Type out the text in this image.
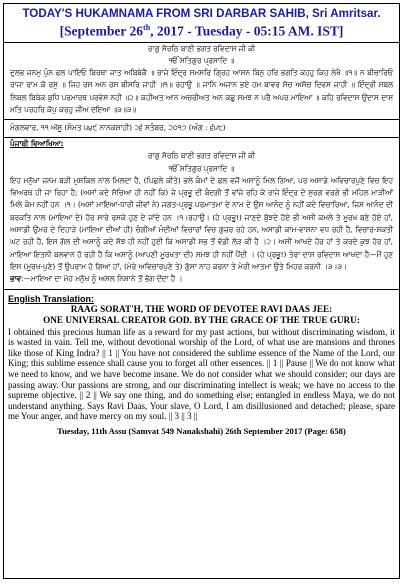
TODAY'S HUKAMNAMA FROM SRI DARBAR SAHIB, Sri Amritsar.
[September 26th, 2017 - Tuesday - 05:15 AM. IST]
ਰਾਗੁ ਸੋਰਠਿ ਬਾਣੀ ਭਗਤ ਰਵਿਦਾਸ ਜੀ ਕੀ
ੴ ਸਤਿਗੁਰ ਪ੍ਰਸਾਦਿ ॥
ਦੁਲਭ ਜਨਮੁ ਪੁੰਨ ਫਲ ਪਾਇਓ ਬਿਰਥਾ ਜਾਤ ਅਬਿਬੇਕੈ ॥ ਰਾਜੇ ਇੰਦ੍ਰ ਸਮਸਰਿ ਗ੍ਰਿਹ ਆਸਨ ਬਿਨੁ ਹਰਿ ਭਗਤਿ ਕਹਹੁ ਕਿਹ ਲੇਖੈ ॥੧॥ ਨ ਬੀਚਾਰਿਓ ਰਾਜਾ ਰਾਮ ਕੋ ਰਸੁ ॥ ਜਿਹ ਰਸ ਅਨ ਰਸ ਬੀਸਰਿ ਜਾਹੀ ॥੧॥ ਰਹਾਉ ॥ ਜਾਨਿ ਅਜਾਨ ਭਏ ਹਮ ਬਾਵਰ ਸੋਚ ਅਸੋਚ ਦਿਵਸ ਜਾਹੀ ॥ ਇੰਦ੍ਰੀ ਸਬਲ ਨਿਬਲ ਬਿਬੇਕ ਬੁਧਿ ਪਰਮਾਰਥ ਪਰਵੇਸ ਨਹੀ ॥੨॥ ਕਹੀਅਤ ਆਨ ਅਚਰੀਅਤ ਅਨ ਕਛੁ ਸਮਝ ਨ ਪਰੈ ਅਪਰ ਮਾਇਆ ॥ ਕਹਿ ਰਵਿਦਾਸ ਉਦਾਸ ਦਾਸ ਮਤਿ ਪਰਹਰਿ ਕੋਪੁ ਕਰਹੁ ਜੀਅ ਦਇਆ ॥੩॥੩॥
ਮੰਗਲਵਾਰ, ੧੧ ਅੱਸੂ (ਸੰਮਤ ੫੪੯ ਨਾਨਕਸ਼ਾਹੀ) ੨੬ ਸਤੰਬਰ, ੨੦੧੭ (ਅੰਗ : ੬੫੮)
ਪੰਜਾਬੀ ਵਿਆਖਿਆ:
ਰਾਗੁ ਸੋਰਠਿ ਬਾਣੀ ਭਗਤ ਰਵਿਦਾਸ ਜੀ ਕੀ
ੴ ਸਤਿਗੁਰ ਪ੍ਰਸਾਦਿ ॥
ਇਹ ਮਨੁੱਖਾ ਜਨਮ ਬੜੀ ਮੁਸ਼ਕਿਲ ਨਾਲ ਮਿਲਦਾ ਹੈ, (ਪਿਛਲੇ ਕੀਤੇ) ਭਲੇ ਕੰਮਾਂ ਦੇ ਫਲ ਵਜੋਂ ਅਸਾਨੂੰ ਮਿਲ ਗਿਆ, ਪਰ ਅਸਾਡੇ ਅਵਿਚਾਰਪੁਣੇ ਵਿਚ ਇਹ ਵਿਅਰਥ ਹੀ ਜਾ ਰਿਹਾ ਹੈ; (ਅਸਾਂ ਕਦੇ ਸੋਚਿਆ ਹੀ ਨਹੀਂ ਕਿ) ਜੇ ਪ੍ਰਭੂ ਦੀ ਬੰਦਗੀ ਤੋਂ ਵਾਂਜੇ ਰਹਿ ਕੇ ਰਾਜੇ ਇੰਦ੍ਰ ਦੇ ਸੁਰਗ ਵਰਗੇ ਭੀ ਮਹਿਲ ਮਾੜੀਆਂ ਮਿਲੇ ਕੰਮ ਨਹੀਂ ਹਨ ।੧। (ਅਸਾਂ ਮਾਇਆ-ਧਾਰੀ ਜੀਵਾਂ ਨੇ) ਜਗਤ-ਪ੍ਰਭੂ ਪਰਮਾਤਮਾ ਦੇ ਨਾਮ ਦੇ ਉਸ ਆਨੰਦ ਨੂੰ ਨਹੀਂ ਕਦੇ ਵਿਚਾਰਿਆ, ਜਿਸ ਆਨੰਦ ਦੀ ਬਰਕਤਿ ਨਾਲ (ਮਾਇਆ ਦੇ) ਹੋਰ ਸਾਰੇ ਰਸਕੇ ਹੁਣ ਦੇ ਜਾਂਦੇ ਹਨ ।੧।ਰਹਾਉ। (ਹੇ ਪ੍ਰਭੂ!) ਜਾਣਦੇ ਬੁੱਝਦੇ ਹੋਏ ਭੀ ਅਸੀ ਕਮਲੇ ਤੇ ਮੂਰਖ ਬਣੇ ਹੋਏ ਹਾਂ, ਅਸਾਡੀ ਉਮਰ ਦੇ ਦਿਹਾੜੇ (ਮਾਇਆ ਦੀਆਂ ਹੀ) ਚੰਗੀਆਂ ਮੰਦੀਆਂ ਵਿਚਾਰਾਂ ਵਿਚ ਗੁਜ਼ਰ ਰਹੇ ਹਨ, ਅਸਾਡੀ ਕਾਮ-ਵਾਸ਼ਨਾ ਵਧ ਰਹੀ ਹੈ, ਵਿਚਾਰ-ਸ਼ਕਤੀ ਘਟ ਰਹੀ ਹੈ, ਇਸ ਗੱਲ ਦੀ ਅਸਾਨੂੰ ਕਦੇ ਸੋਝ ਹੀ ਨਹੀਂ ਹੁਈ ਕਿ ਅਸਾਡੀ ਸਭ ਤੋਂ ਵੱਡੀ ਲੋੜ ਕੀ ਹੈ ।੨। ਅਸੀ ਆਖਦੇ ਹੋਰ ਹਾਂ ਤੇ ਕਰਦੇ ਕੁਝ ਹੋਰ ਹਾਂ, ਮਾਇਆ ਇਤਨੀ ਬਲਵਾਨ ਹੋ ਰਹੀ ਹੈ ਕਿ ਅਸਾਨੂੰ (ਆਪਣੀ ਮੂਰਖਤਾ ਦੀ) ਸਮਝ ਹੀ ਨਹੀਂ ਪੈਂਦੀ । (ਹੇ ਪ੍ਰਭੂ!) ਤੇਰਾ ਦਾਸ ਰਵਿਦਾਸ ਆਖਦਾ ਹੈ—ਮੈਂ ਹੁਣ ਇਸ (ਮੂਰਖ-ਪੁਣੇ) ਤੋਂ ਉਪਰਾਮ ਹੋ ਗਿਆ ਹਾਂ, (ਮੇਰੇ ਅਵਿਚਾਰਪੁਣੇ ਤੇ) ਗੁੱਸਾ ਨਾਹ ਕਰਨਾ ਤੇ ਮੇਰੀ ਆਤਮਾ ਉਤੇ ਮਿਹਰ ਕਰਨੀ ।੩।੩।
ਭਾਵ:—ਮਾਇਆ ਦਾ ਮੋਹ ਮਨੁੱਖ ਨੂੰ ਅਸਲ ਨਿਸ਼ਾਨੇ ਤੋਂ ਭੋਗ ਦੇਂਦਾ ਹੈ ।
English Translation:
RAAG SORAT'H, THE WORD OF DEVOTEE RAVI DAAS JEE:
ONE UNIVERSAL CREATOR GOD. BY THE GRACE OF THE TRUE GURU:
I obtained this precious human life as a reward for my past actions, but without discriminating wisdom, it is wasted in vain. Tell me, without devotional worship of the Lord, of what use are mansions and thrones like those of King Indra? || 1 || You have not considered the sublime essence of the Name of the Lord, our King; this sublime essence shall cause you to forget all other essences. || 1 || Pause || We do not know what we need to know, and we have become insane. We do not consider what we should consider; our days are passing away. Our passions are strong, and our discriminating intellect is weak; we have no access to the supreme objective. || 2 || We say one thing, and do something else; entangled in endless Maya, we do not understand anything. Says Ravi Daas, Your slave, O Lord, I am disillusioned and detached; please, spare me Your anger, and have mercy on my soul. || 3 || 3 ||
Tuesday, 11th Assu (Samvat 549 Nanakshahi) 26th September 2017 (Page: 658)
